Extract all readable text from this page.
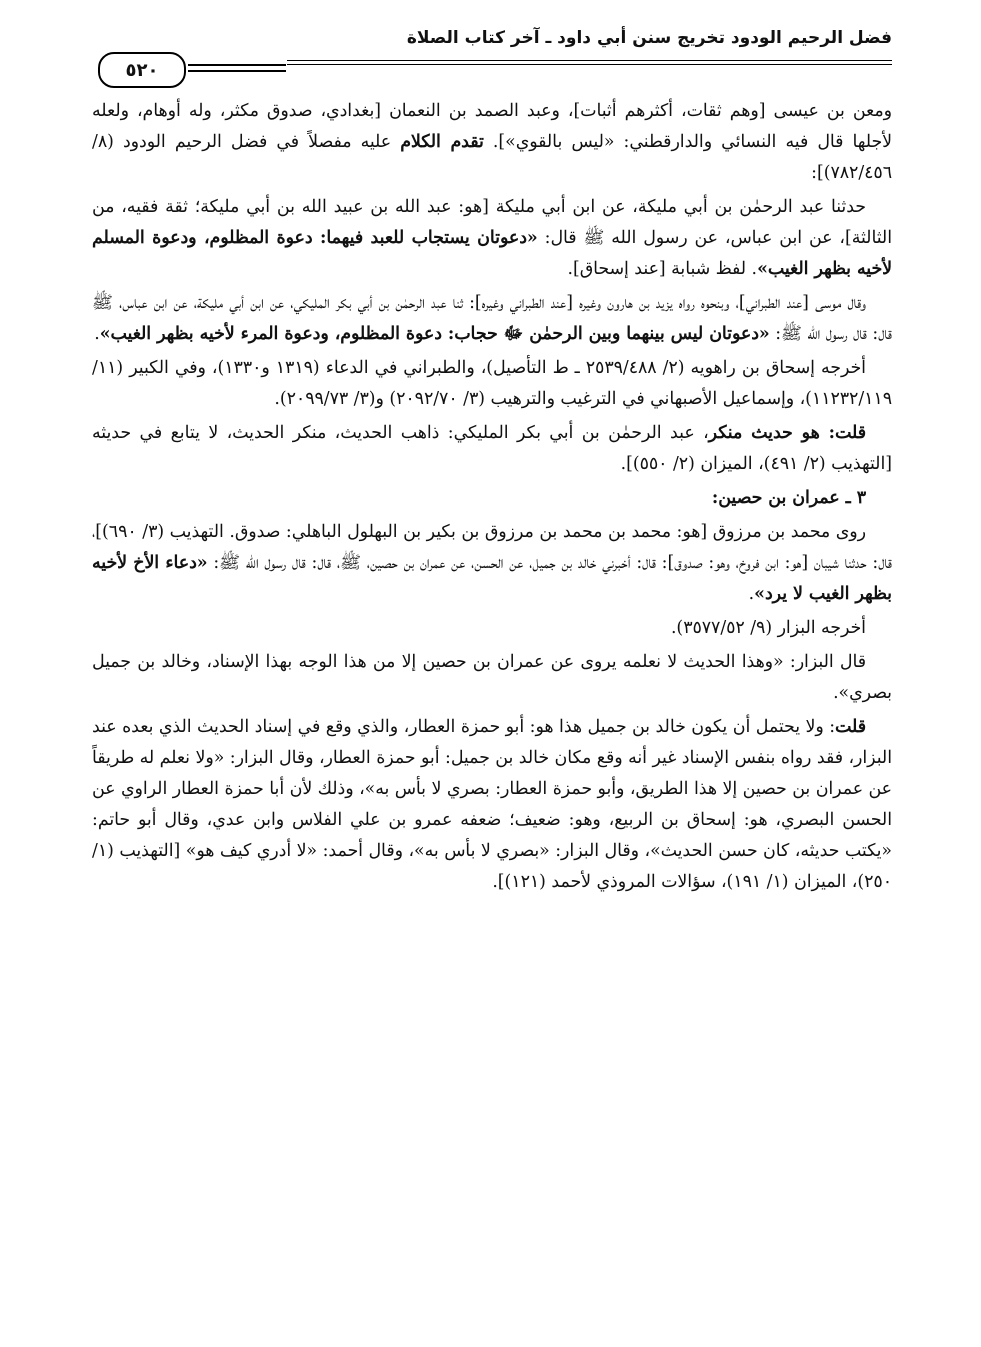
فضل الرحيم الودود تخريج سنن أبي داود ـ آخر كتاب الصلاة
٥٢٠

ومعن بن عيسى [وهم ثقات، أكثرهم أثبات]، وعبد الصمد بن النعمان [بغدادي، صدوق مكثر، وله أوهام، ولعله لأجلها قال فيه النسائي والدارقطني: «ليس بالقوي»]. تقدم الكلام عليه مفصلاً في فضل الرحيم الودود (٨/ ٧٨٢/٤٥٦)]:

حدثنا عبد الرحمٰن بن أبي مليكة، عن ابن أبي مليكة [هو: عبد الله بن عبيد الله بن أبي مليكة؛ ثقة فقيه، من الثالثة]، عن ابن عباس، عن رسول الله ﷺ قال: «دعوتان يستجاب للعبد فيهما: دعوة المظلوم، ودعوة المسلم لأخيه بظهر الغيب». لفظ شبابة [عند إسحاق].

وقال موسى [عند الطبراني]، وبنحوه رواه يزيد بن هارون وغيره [عند الطبراني وغيره]: ثنا عبد الرحمٰن بن أبي بكر المليكي، عن ابن أبي مليكة، عن ابن عباس، ﷺ قال: قال رسول الله ﷺ: «دعوتان ليس بينهما وبين الرحمٰن ﷻ حجاب: دعوة المظلوم، ودعوة المرء لأخيه بظهر الغيب».

أخرجه إسحاق بن راهويه (٢/ ٢٥٣٩/٤٨٨ ـ ط التأصيل)، والطبراني في الدعاء (١٣١٩ و١٣٣٠)، وفي الكبير (١١/ ١١٢٣٢/١١٩)، وإسماعيل الأصبهاني في الترغيب والترهيب (٣/ ٢٠٩٢/٧٠) و(٣/ ٢٠٩٩/٧٣).

قلت: هو حديث منكر، عبد الرحمٰن بن أبي بكر المليكي: ذاهب الحديث، منكر الحديث، لا يتابع في حديثه [التهذيب (٢/ ٤٩١)، الميزان (٢/ ٥٥٠)].

٣ ـ عمران بن حصين:

روى محمد بن مرزوق [هو: محمد بن محمد بن مرزوق بن بكير بن البهلول الباهلي: صدوق. التهذيب (٣/ ٦٩٠)]، قال: حدثنا شيبان [هو: ابن فروخ، وهو: صدوق]: قال: أخبرني خالد بن جميل، عن الحسن، عن عمران بن حصين، ﷺ، قال: قال رسول الله ﷺ: «دعاء الأخ لأخيه بظهر الغيب لا يرد».

أخرجه البزار (٩/ ٣٥٧٧/٥٢).

قال البزار: «وهذا الحديث لا نعلمه يروى عن عمران بن حصين إلا من هذا الوجه بهذا الإسناد، وخالد بن جميل بصري».

قلت: ولا يحتمل أن يكون خالد بن جميل هذا هو: أبو حمزة العطار، والذي وقع في إسناد الحديث الذي بعده عند البزار، فقد رواه بنفس الإسناد غير أنه وقع مكان خالد بن جميل: أبو حمزة العطار، وقال البزار: «ولا نعلم له طريقاً عن عمران بن حصين إلا هذا الطريق، وأبو حمزة العطار: بصري لا بأس به»، وذلك لأن أبا حمزة العطار الراوي عن الحسن البصري، هو: إسحاق بن الربيع، وهو: ضعيف؛ ضعفه عمرو بن علي الفلاس وابن عدي، وقال أبو حاتم: «يكتب حديثه، كان حسن الحديث»، وقال البزار: «بصري لا بأس به»، وقال أحمد: «لا أدري كيف هو» [التهذيب (١/ ٢٥٠)، الميزان (١/ ١٩١)، سؤالات المروذي لأحمد (١٢١)].
